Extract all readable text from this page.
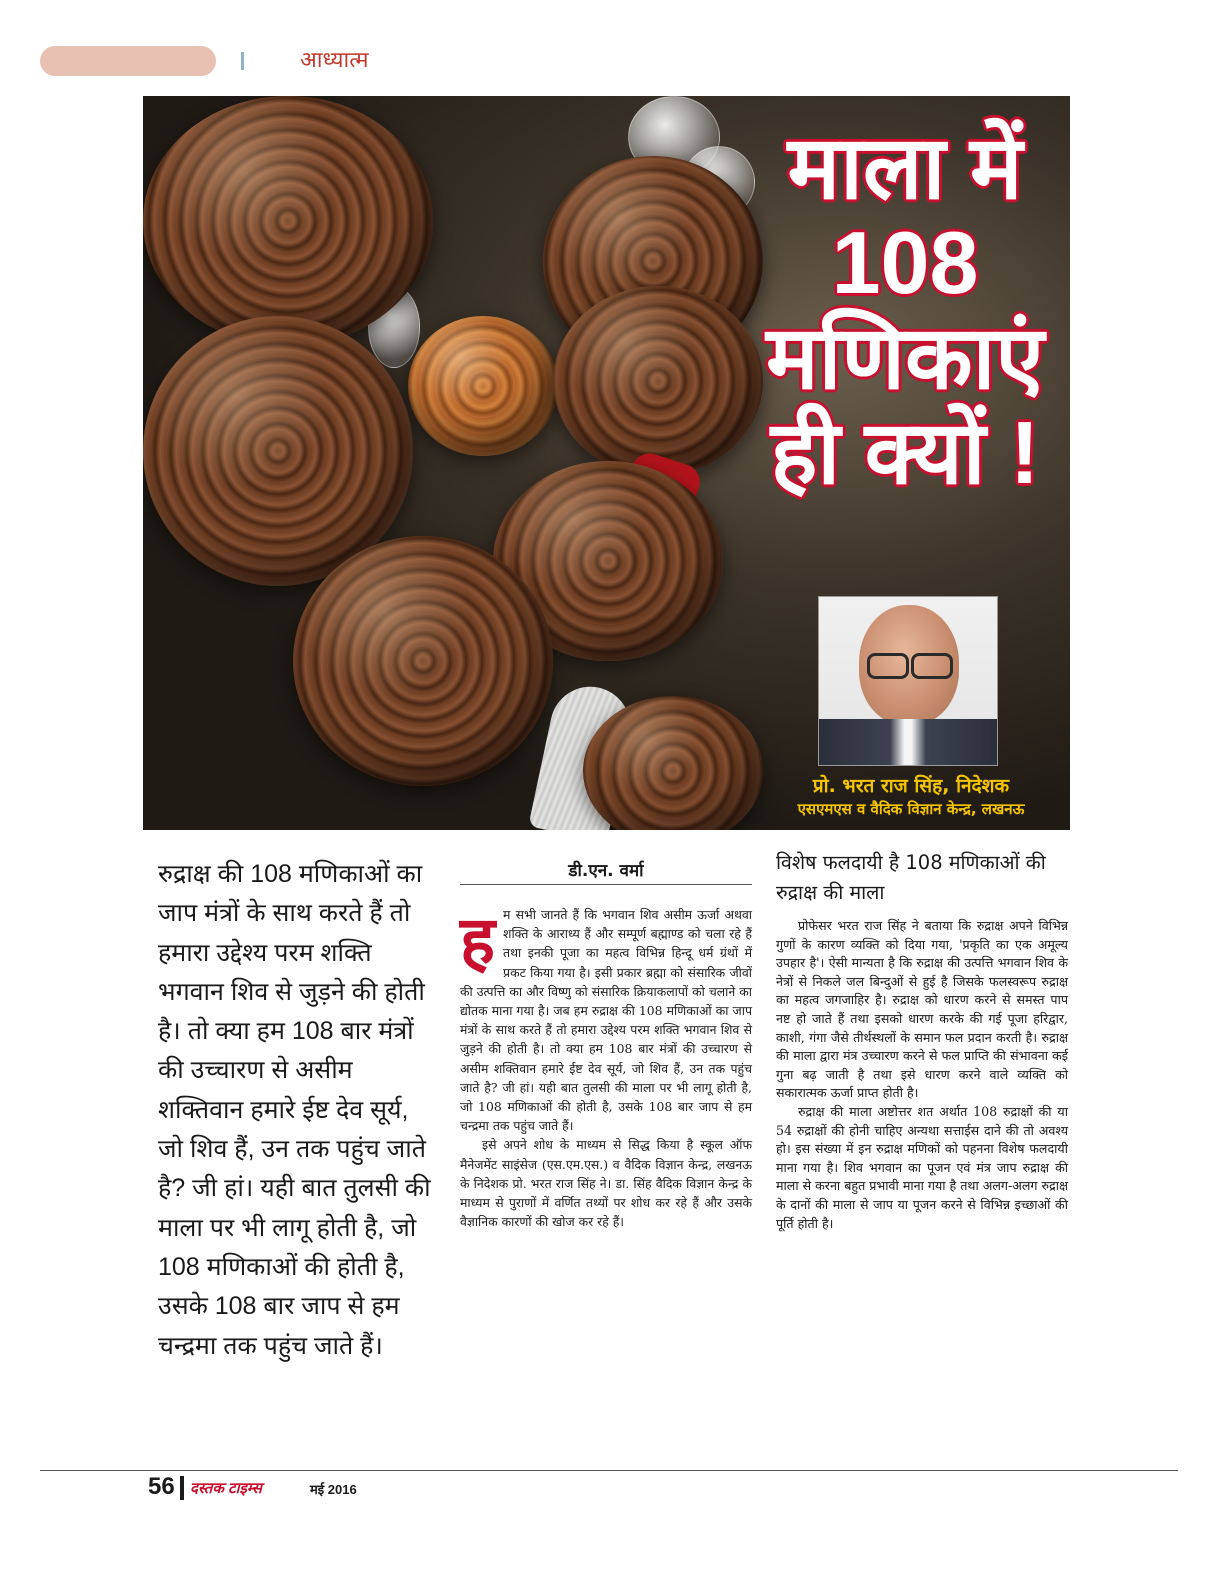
आध्यात्म
माला में
108
मणिकाएं
ही क्यों !
प्रो. भरत राज सिंह, निदेशक
एसएमएस व वैदिक विज्ञान केन्द्र, लखनऊ
रुद्राक्ष की 108 मणिकाओं का जाप मंत्रों के साथ करते हैं तो हमारा उद्देश्य परम शक्ति भगवान शिव से जुड़ने की होती है। तो क्या हम 108 बार मंत्रों की उच्चारण से असीम शक्तिवान हमारे ईष्ट देव सूर्य, जो शिव हैं, उन तक पहुंच जाते है? जी हां। यही बात तुलसी की माला पर भी लागू होती है, जो 108 मणिकाओं की होती है, उसके 108 बार जाप से हम चन्द्रमा तक पहुंच जाते हैं।
डी.एन. वर्मा
ह म सभी जानते हैं कि भगवान शिव असीम ऊर्जा अथवा शक्ति के आराध्य हैं और सम्पूर्ण बह्माण्ड को चला रहे हैं तथा इनकी पूजा का महत्व विभिन्न हिन्दू धर्म ग्रंथों में प्रकट किया गया है। इसी प्रकार ब्रह्मा को संसारिक जीवों की उत्पत्ति का और विष्णु को संसारिक क्रियाकलापों को चलाने का द्योतक माना गया है। जब हम रुद्राक्ष की 108 मणिकाओं का जाप मंत्रों के साथ करते हैं तो हमारा उद्देश्य परम शक्ति भगवान शिव से जुड़ने की होती है। तो क्या हम 108 बार मंत्रों की उच्चारण से असीम शक्तिवान हमारे ईष्ट देव सूर्य, जो शिव हैं, उन तक पहुंच जाते है? जी हां। यही बात तुलसी की माला पर भी लागू होती है, जो 108 मणिकाओं की होती है, उसके 108 बार जाप से हम चन्द्रमा तक पहुंच जाते हैं।

इसे अपने शोध के माध्यम से सिद्ध किया है स्कूल ऑफ मैनेजमेंट साइंसेज (एस.एम.एस.) व वैदिक विज्ञान केन्द्र, लखनऊ के निदेशक प्रो. भरत राज सिंह ने। डा. सिंह वैदिक विज्ञान केन्द्र के माध्यम से पुराणों में वर्णित तथ्यों पर शोध कर रहे हैं और उसके वैज्ञानिक कारणों की खोज कर रहे हैं।

विशेष फलदायी है 108 मणिकाओं की रुद्राक्ष की माला

प्रोफेसर भरत राज सिंह ने बताया कि रुद्राक्ष अपने विभिन्न गुणों के कारण व्यक्ति को दिया गया, 'प्रकृति का एक अमूल्य उपहार है'। ऐसी मान्यता है कि रुद्राक्ष की उत्पत्ति भगवान शिव के नेत्रों से निकले जल बिन्दुओं से हुई है जिसके फलस्वरूप रुद्राक्ष का महत्व जगजाहिर है। रुद्राक्ष को धारण करने से समस्त पाप नष्ट हो जाते हैं तथा इसको धारण करके की गई पूजा हरिद्वार, काशी, गंगा जैसे तीर्थस्थलों के समान फल प्रदान करती है। रुद्राक्ष की माला द्वारा मंत्र उच्चारण करने से फल प्राप्ति की संभावना कई गुना बढ़ जाती है तथा इसे धारण करने वाले व्यक्ति को सकारात्मक ऊर्जा प्राप्त होती है।

रुद्राक्ष की माला अष्टोत्तर शत अर्थात 108 रुद्राक्षों की या 54 रुद्राक्षों की होनी चाहिए अन्यथा सत्ताईस दाने की तो अवश्य हो। इस संख्या में इन रुद्राक्ष मणिकों को पहनना विशेष फलदायी माना गया है। शिव भगवान का पूजन एवं मंत्र जाप रुद्राक्ष की माला से करना बहुत प्रभावी माना गया है तथा अलग-अलग रुद्राक्ष के दानों की माला से जाप या पूजन करने से विभिन्न इच्छाओं की पूर्ति होती है।

56 दस्तक टाइम्स	मई 2016
